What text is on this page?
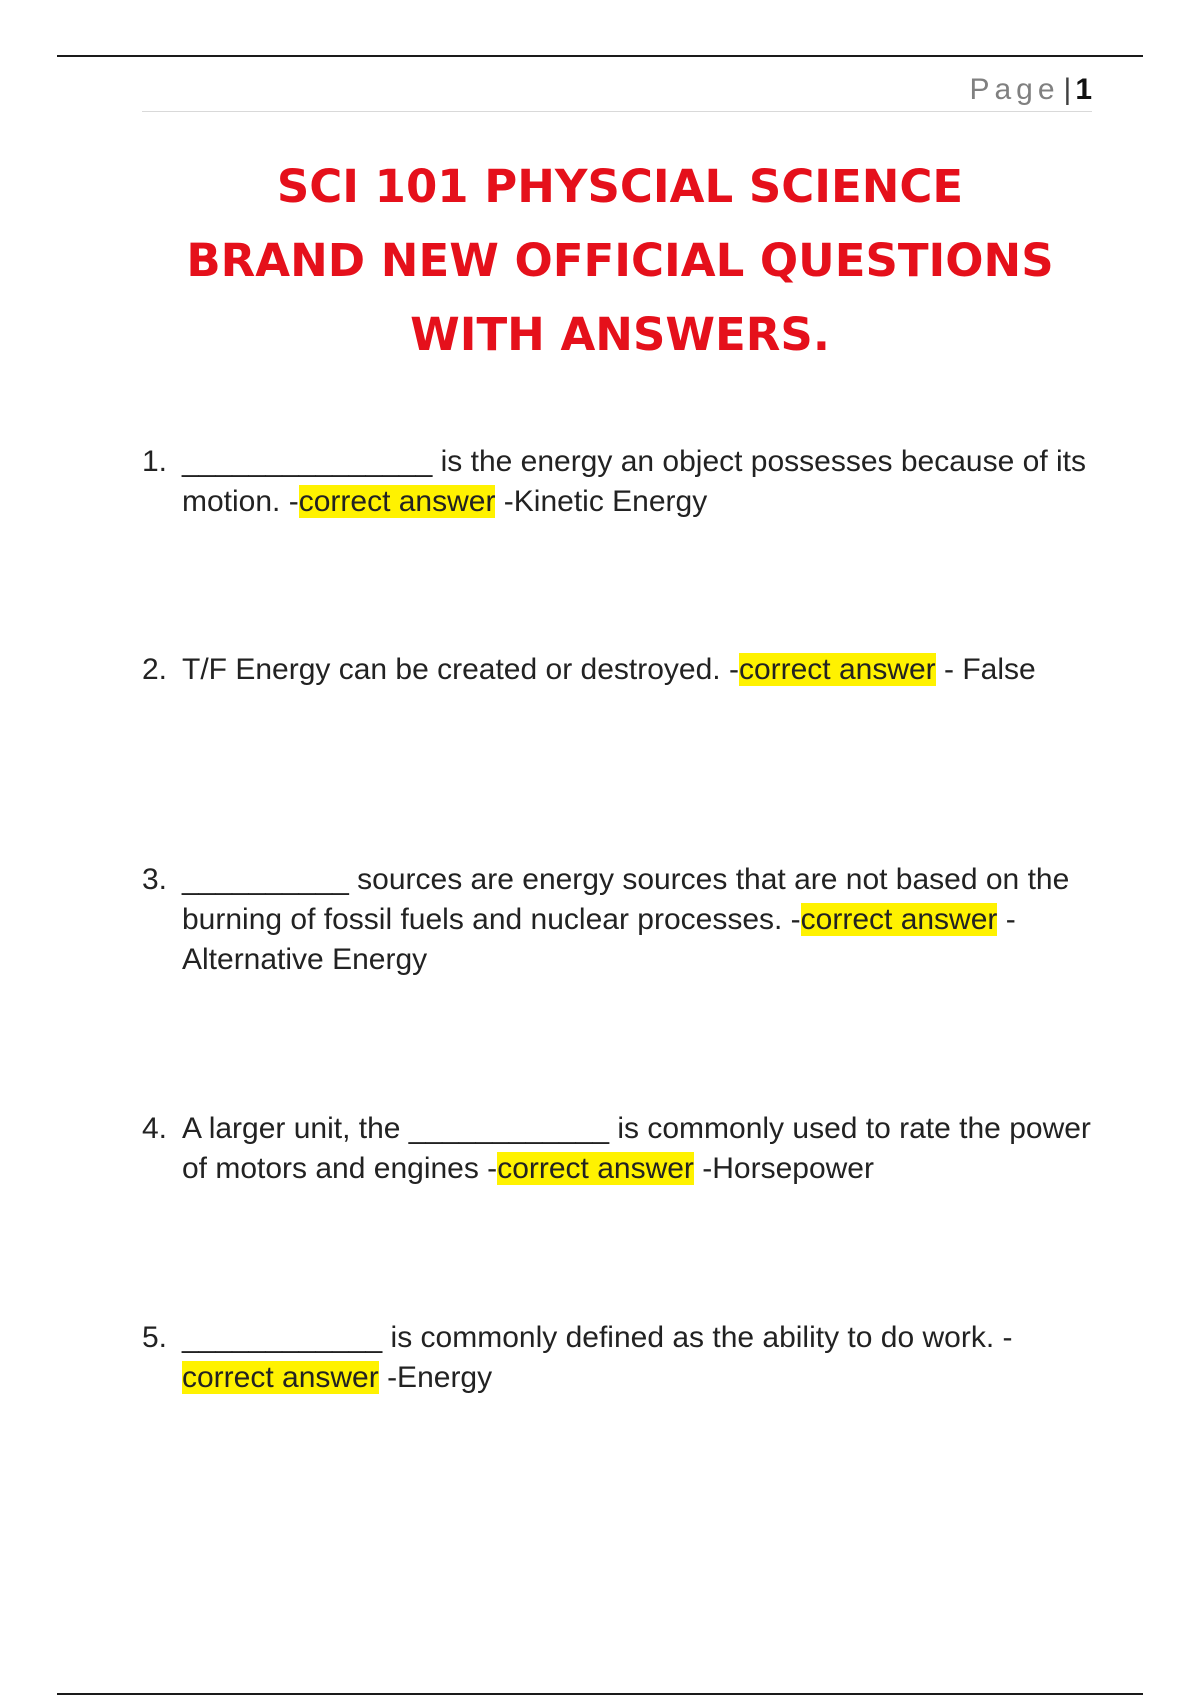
Page | 1
SCI 101 PHYSCIAL SCIENCE
BRAND NEW OFFICIAL QUESTIONS
WITH ANSWERS.
1. _______________ is the energy an object possesses because of its motion. -correct answer -Kinetic Energy
2. T/F Energy can be created or destroyed. -correct answer - False
3. __________ sources are energy sources that are not based on the burning of fossil fuels and nuclear processes. -correct answer -Alternative Energy
4. A larger unit, the ____________ is commonly used to rate the power of motors and engines -correct answer -Horsepower
5. ____________ is commonly defined as the ability to do work. - correct answer -Energy
